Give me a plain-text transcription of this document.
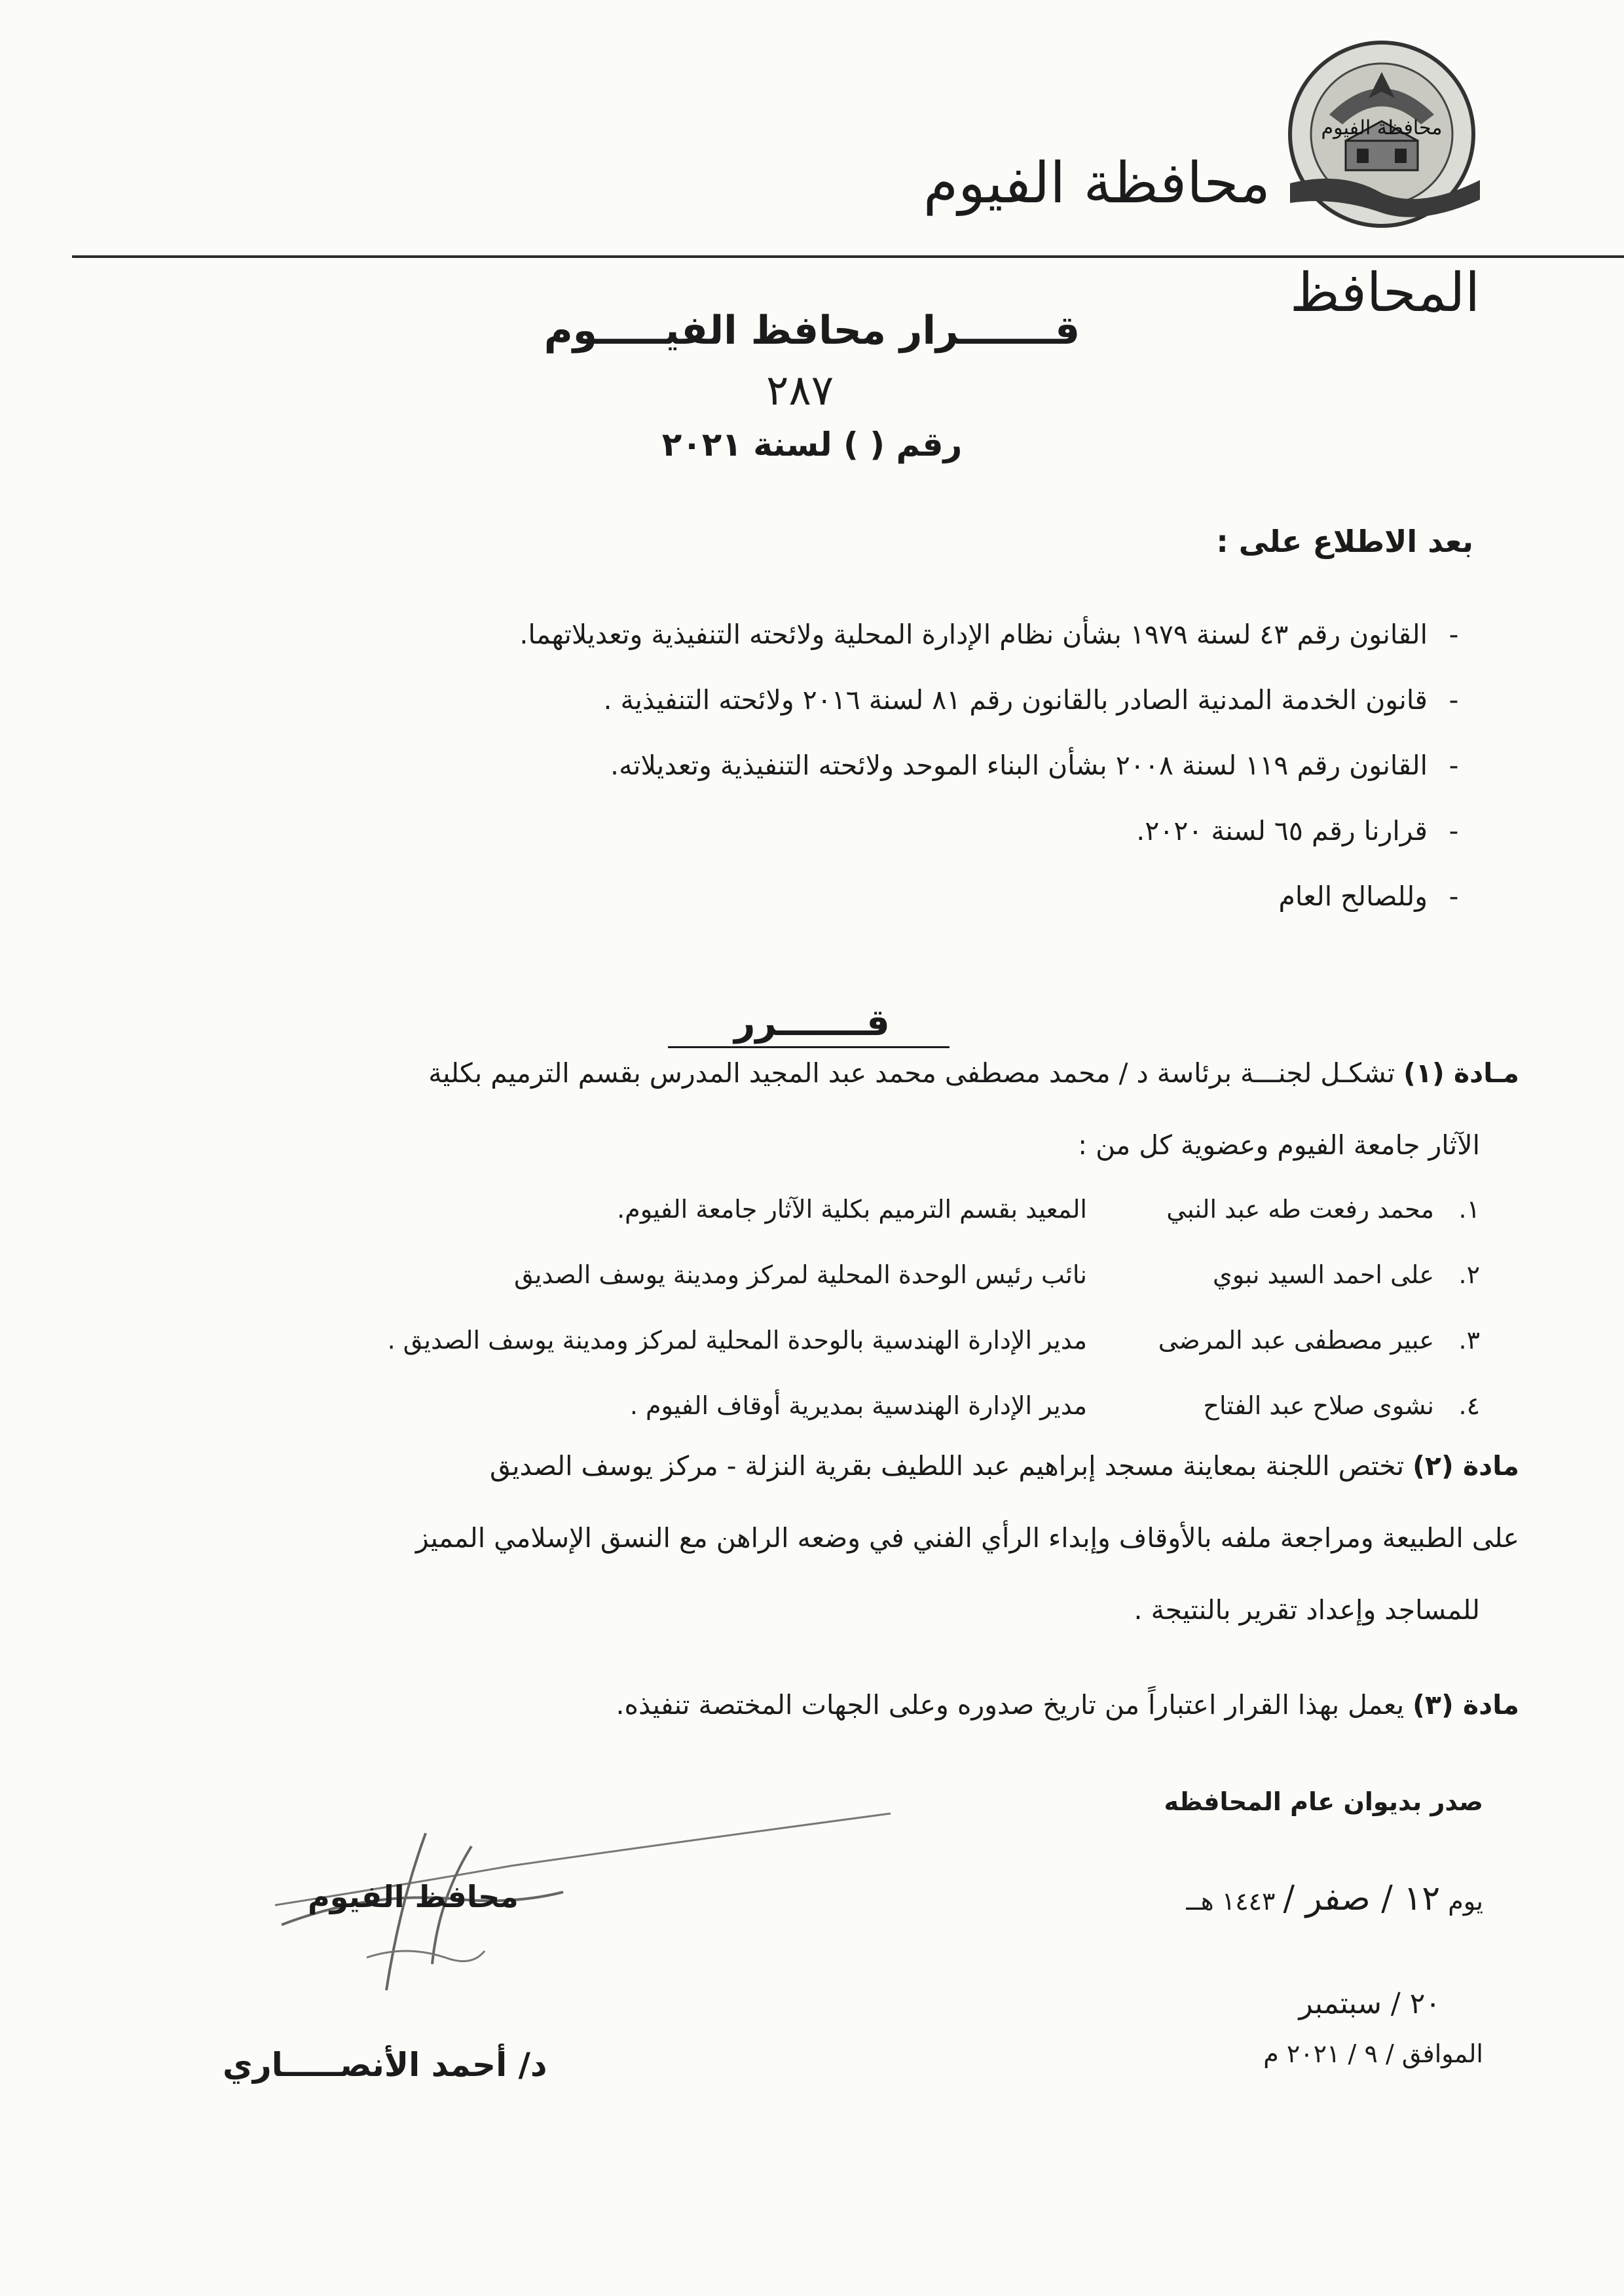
محافظة الفيوم
محافظة الفيوم
المحافظ
قـــــــرار محافظ الفيـــــوم
٢٨٧
رقم ( ) لسنة ٢٠٢١
بعد الاطلاع على :
-القانون رقم ٤٣ لسنة ١٩٧٩ بشأن نظام الإدارة المحلية ولائحته التنفيذية وتعديلاتهما.
-قانون الخدمة المدنية الصادر بالقانون رقم ٨١ لسنة ٢٠١٦ ولائحته التنفيذية .
-القانون رقم ١١٩ لسنة ٢٠٠٨ بشأن البناء الموحد ولائحته التنفيذية وتعديلاته.
-قرارنا رقم ٦٥ لسنة ٢٠٢٠.
-وللصالح العام
قـــــــرر
مـادة (١) تشكـل لجنـــة برئاسة د / محمد مصطفى محمد عبد المجيد المدرس بقسم الترميم بكلية
الآثار جامعة الفيوم وعضوية كل من :
١.محمد رفعت طه عبد النبيالمعيد بقسم الترميم بكلية الآثار جامعة الفيوم.
٢.على احمد السيد نبوينائب رئيس الوحدة المحلية لمركز ومدينة يوسف الصديق
٣.عبير مصطفى عبد المرضىمدير الإدارة الهندسية بالوحدة المحلية لمركز ومدينة يوسف الصديق .
٤.نشوى صلاح عبد الفتاحمدير الإدارة الهندسية بمديرية أوقاف الفيوم .
مادة (٢) تختص اللجنة بمعاينة مسجد إبراهيم عبد اللطيف بقرية النزلة - مركز يوسف الصديق
على الطبيعة ومراجعة ملفه بالأوقاف وإبداء الرأي الفني في وضعه الراهن مع النسق الإسلامي المميز
للمساجد وإعداد تقرير بالنتيجة .
مادة (٣) يعمل بهذا القرار اعتباراً من تاريخ صدوره وعلى الجهات المختصة تنفيذه.
صدر بديوان عام المحافظه
يوم ١٢ / صفر / ١٤٤٣ هــ
الموافق / ٩ / ٢٠٢١ م
٢٠ / سبتمبر
محافظ الفيوم
د/ أحمد الأنصـــــاري
